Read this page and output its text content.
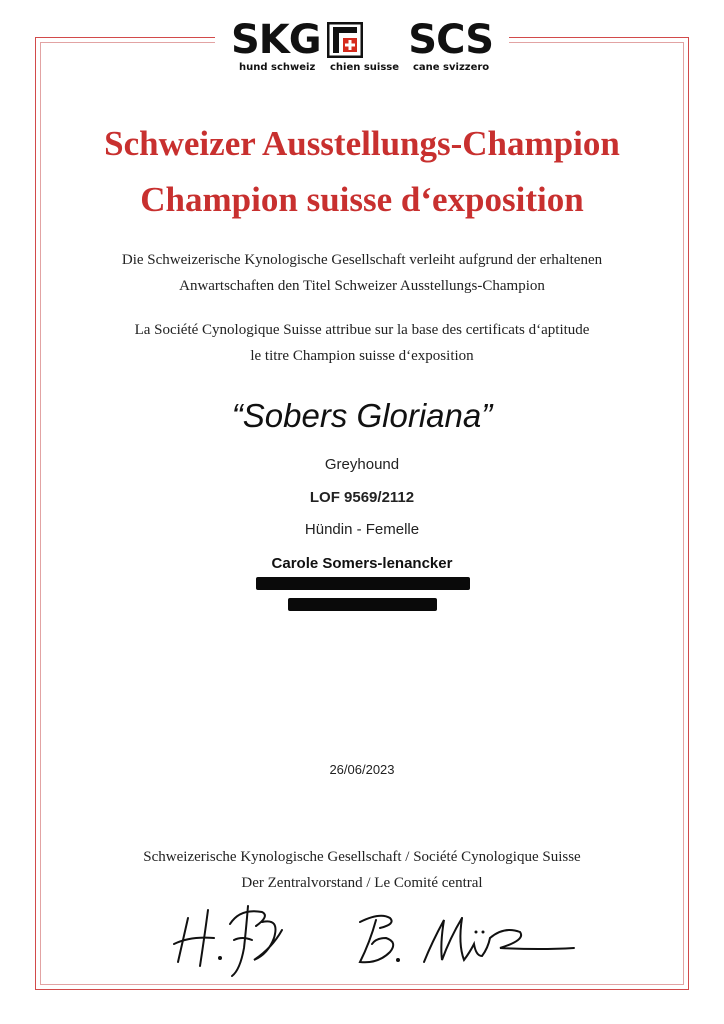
SKG SCS
hund schweiz chien suisse cane svizzero
Schweizer Ausstellungs-Champion
Champion suisse d‘exposition
Die Schweizerische Kynologische Gesellschaft verleiht aufgrund der erhaltenen
Anwartschaften den Titel Schweizer Ausstellungs-Champion
La Société Cynologique Suisse attribue sur la base des certificats d‘aptitude
le titre Champion suisse d‘exposition
“Sobers Gloriana”
Greyhound
LOF 9569/2112
Hündin - Femelle
Carole Somers-lenancker
26/06/2023
Schweizerische Kynologische Gesellschaft / Société Cynologique Suisse
Der Zentralvorstand / Le Comité central
